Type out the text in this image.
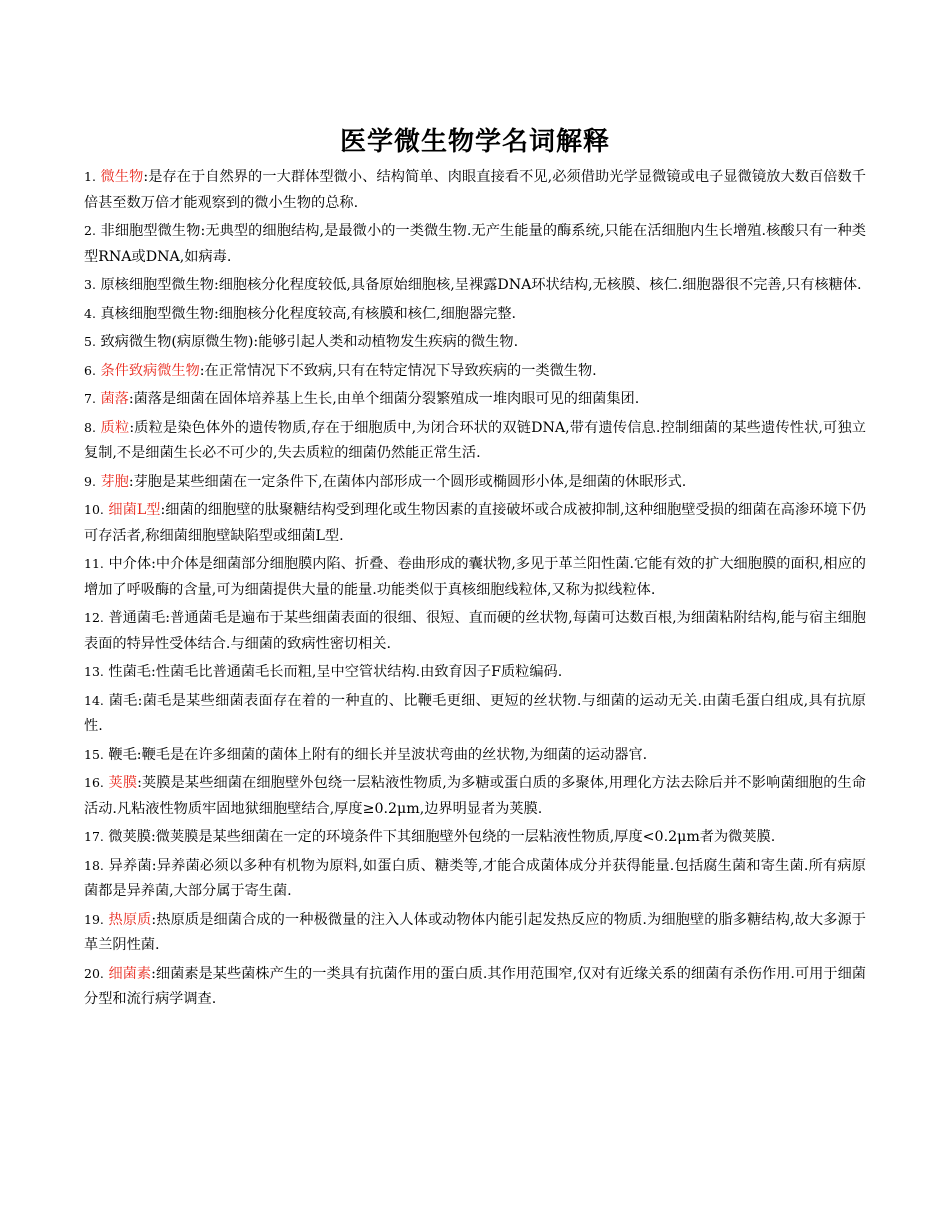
医学微生物学名词解释

1. 微生物:是存在于自然界的一大群体型微小、结构简单、肉眼直接看不见,必须借助光学显微镜或电子显微镜放大数百倍数千倍甚至数万倍才能观察到的微小生物的总称.

2. 非细胞型微生物:无典型的细胞结构,是最微小的一类微生物.无产生能量的酶系统,只能在活细胞内生长增殖.核酸只有一种类型RNA或DNA,如病毒.

3. 原核细胞型微生物:细胞核分化程度较低,具备原始细胞核,呈裸露DNA环状结构,无核膜、核仁.细胞器很不完善,只有核糖体.

4. 真核细胞型微生物:细胞核分化程度较高,有核膜和核仁,细胞器完整.

5. 致病微生物(病原微生物):能够引起人类和动植物发生疾病的微生物.

6. 条件致病微生物:在正常情况下不致病,只有在特定情况下导致疾病的一类微生物.

7. 菌落:菌落是细菌在固体培养基上生长,由单个细菌分裂繁殖成一堆肉眼可见的细菌集团.

8. 质粒:质粒是染色体外的遗传物质,存在于细胞质中,为闭合环状的双链DNA,带有遗传信息.控制细菌的某些遗传性状,可独立复制,不是细菌生长必不可少的,失去质粒的细菌仍然能正常生活.

9. 芽胞:芽胞是某些细菌在一定条件下,在菌体内部形成一个圆形或椭圆形小体,是细菌的休眠形式.

10. 细菌L型:细菌的细胞壁的肽聚糖结构受到理化或生物因素的直接破坏或合成被抑制,这种细胞壁受损的细菌在高渗环境下仍可存活者,称细菌细胞壁缺陷型或细菌L型.

11. 中介体:中介体是细菌部分细胞膜内陷、折叠、卷曲形成的囊状物,多见于革兰阳性菌.它能有效的扩大细胞膜的面积,相应的增加了呼吸酶的含量,可为细菌提供大量的能量.功能类似于真核细胞线粒体,又称为拟线粒体.

12. 普通菌毛:普通菌毛是遍布于某些细菌表面的很细、很短、直而硬的丝状物,每菌可达数百根,为细菌粘附结构,能与宿主细胞表面的特异性受体结合.与细菌的致病性密切相关.

13. 性菌毛:性菌毛比普通菌毛长而粗,呈中空管状结构.由致育因子F质粒编码.

14. 菌毛:菌毛是某些细菌表面存在着的一种直的、比鞭毛更细、更短的丝状物.与细菌的运动无关.由菌毛蛋白组成,具有抗原性.

15. 鞭毛:鞭毛是在许多细菌的菌体上附有的细长并呈波状弯曲的丝状物,为细菌的运动器官.

16. 荚膜:荚膜是某些细菌在细胞壁外包绕一层粘液性物质,为多糖或蛋白质的多聚体,用理化方法去除后并不影响菌细胞的生命活动.凡粘液性物质牢固地狱细胞壁结合,厚度≥0.2μm,边界明显者为荚膜.

17. 微荚膜:微荚膜是某些细菌在一定的环境条件下其细胞壁外包绕的一层粘液性物质,厚度<0.2μm者为微荚膜.

18. 异养菌:异养菌必须以多种有机物为原料,如蛋白质、糖类等,才能合成菌体成分并获得能量.包括腐生菌和寄生菌.所有病原菌都是异养菌,大部分属于寄生菌.

19. 热原质:热原质是细菌合成的一种极微量的注入人体或动物体内能引起发热反应的物质.为细胞壁的脂多糖结构,故大多源于革兰阴性菌.

20. 细菌素:细菌素是某些菌株产生的一类具有抗菌作用的蛋白质.其作用范围窄,仅对有近缘关系的细菌有杀伤作用.可用于细菌分型和流行病学调查.
